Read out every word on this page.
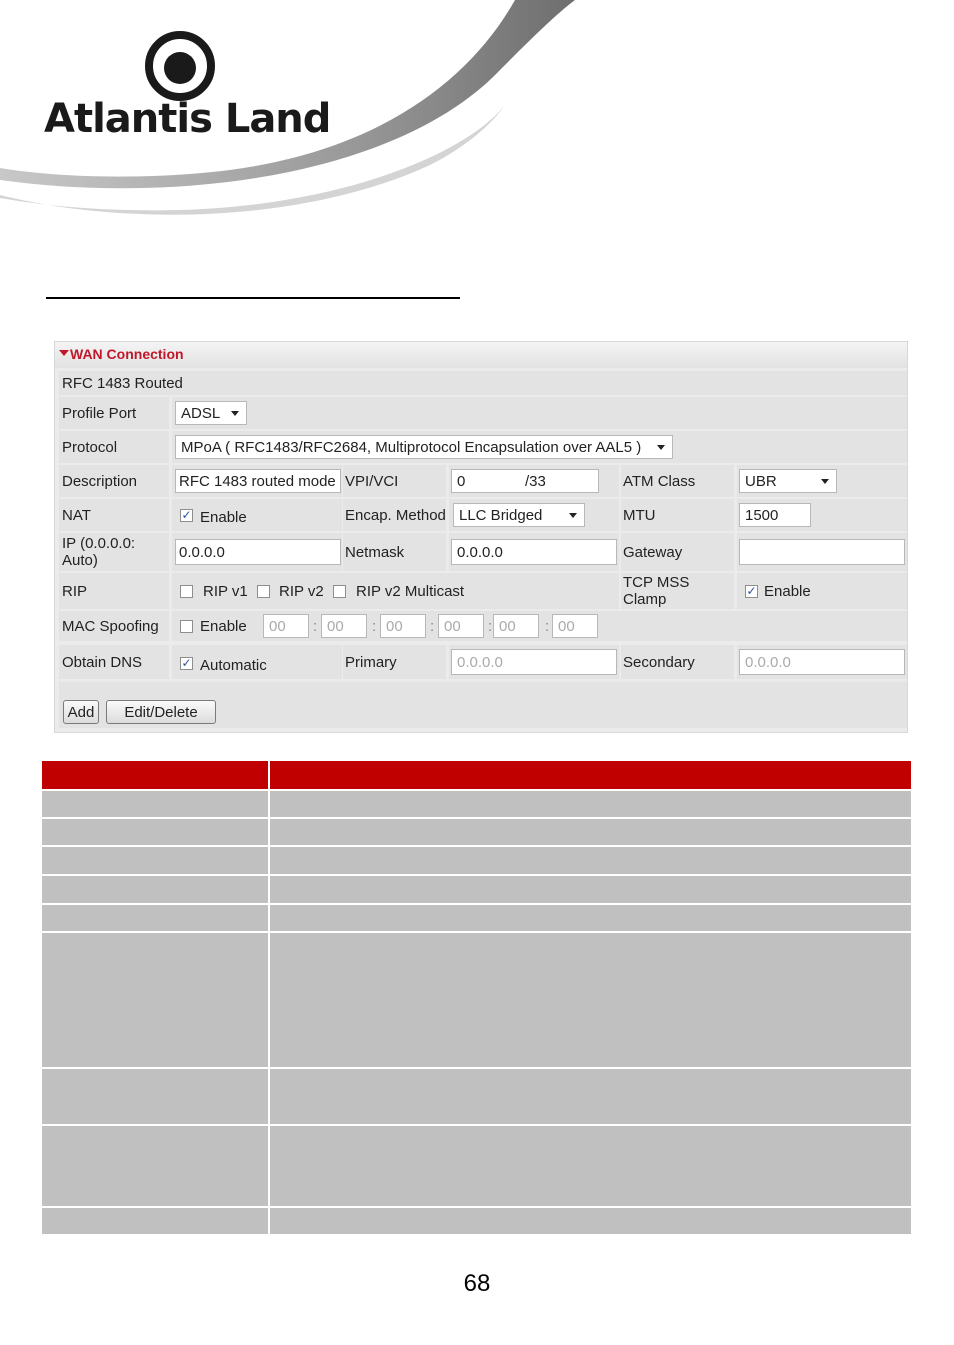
Atlantis Land
WAN Connection
RFC 1483 Routed
Profile Port	ADSL
Protocol	MPoA ( RFC1483/RFC2684, Multiprotocol Encapsulation over AAL5 )
Description	RFC 1483 routed mode VPI/VCI	0	/ 33	ATM Class	UBR
NAT	✓ Enable	Encap. Method LLC Bridged	MTU	1500
IP (0.0.0.0:
Auto)	0.0.0.0	Netmask	0.0.0.0	Gateway
RIP	RIP v1 RIP v2 RIP v2 Multicast	TCP MSS
Clamp	✓ Enable
MAC Spoofing	Enable	00	: 00	: 00	: 00	: 00	: 00
Obtain DNS	✓ Automatic	Primary	0.0.0.0	Secondary	0.0.0.0
Add	Edit/Delete
68
